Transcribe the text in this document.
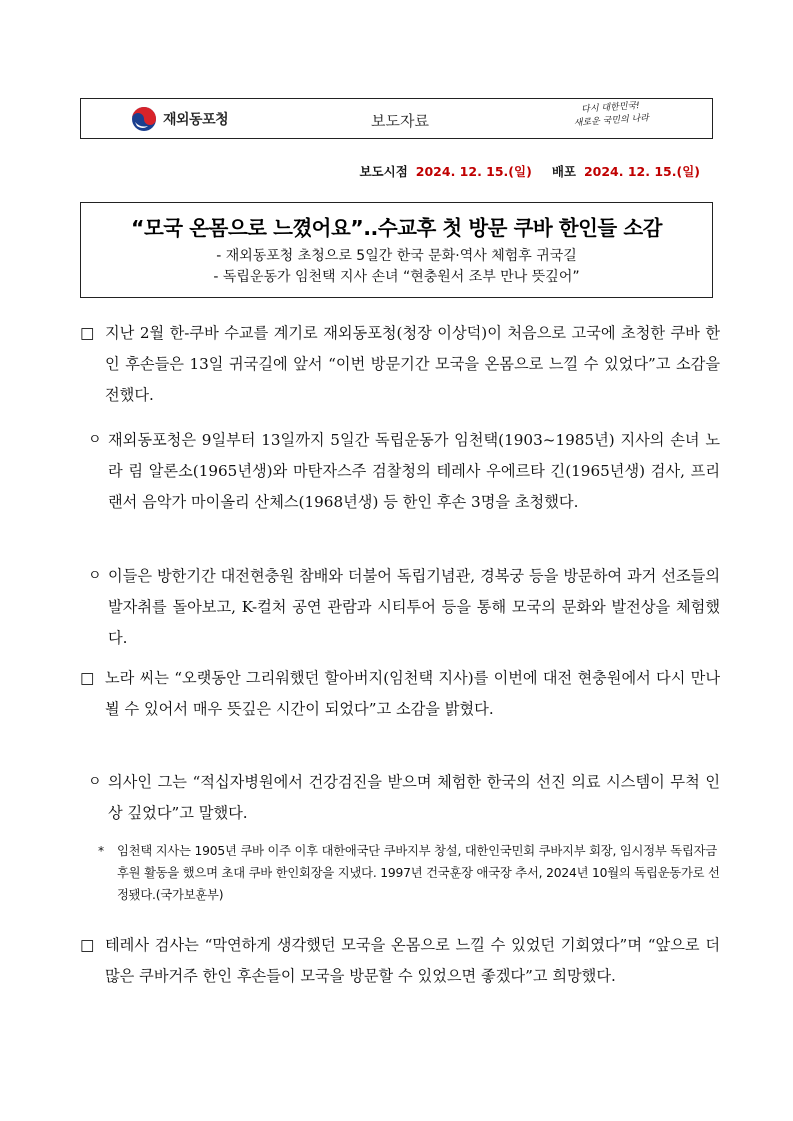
재외동포청	보도자료
다시 대한민국!
새로운 국민의 나라
보도시점 2024. 12. 15.(일) 배포 2024. 12. 15.(일)
“모국 온몸으로 느꼈어요”..수교후 첫 방문 쿠바 한인들 소감
- 재외동포청 초청으로 5일간 한국 문화·역사 체험후 귀국길
- 독립운동가 임천택 지사 손녀 “현충원서 조부 만나 뜻깊어”
□ 지난 2월 한-쿠바 수교를 계기로 재외동포청(청장 이상덕)이 처음으로 고국에 초청한 쿠바 한인 후손들은 13일 귀국길에 앞서 “이번 방문기간 모국을 온몸으로 느낄 수 있었다”고 소감을 전했다.

ㅇ 재외동포청은 9일부터 13일까지 5일간 독립운동가 임천택(1903~1985년) 지사의 손녀 노라 림 알론소(1965년생)와 마탄자스주 검찰청의 테레사 우에르타 긴(1965년생) 검사, 프리랜서 음악가 마이올리 산체스(1968년생) 등 한인 후손 3명을 초청했다.

ㅇ 이들은 방한기간 대전현충원 참배와 더불어 독립기념관, 경복궁 등을 방문하여 과거 선조들의 발자취를 돌아보고, K-컬처 공연 관람과 시티투어 등을 통해 모국의 문화와 발전상을 체험했다.

□ 노라 씨는 “오랫동안 그리워했던 할아버지(임천택 지사)를 이번에 대전 현충원에서 다시 만나 뵐 수 있어서 매우 뜻깊은 시간이 되었다”고 소감을 밝혔다.

ㅇ 의사인 그는 “적십자병원에서 건강검진을 받으며 체험한 한국의 선진 의료 시스템이 무척 인상 깊었다”고 말했다.

* 임천택 지사는 1905년 쿠바 이주 이후 대한애국단 쿠바지부 창설, 대한인국민회 쿠바지부 회장, 임시정부 독립자금 후원 활동을 했으며 초대 쿠바 한인회장을 지냈다. 1997년 건국훈장 애국장 추서, 2024년 10월의 독립운동가로 선정됐다.(국가보훈부)

□ 테레사 검사는 “막연하게 생각했던 모국을 온몸으로 느낄 수 있었던 기회였다”며 “앞으로 더 많은 쿠바거주 한인 후손들이 모국을 방문할 수 있었으면 좋겠다”고 희망했다.
